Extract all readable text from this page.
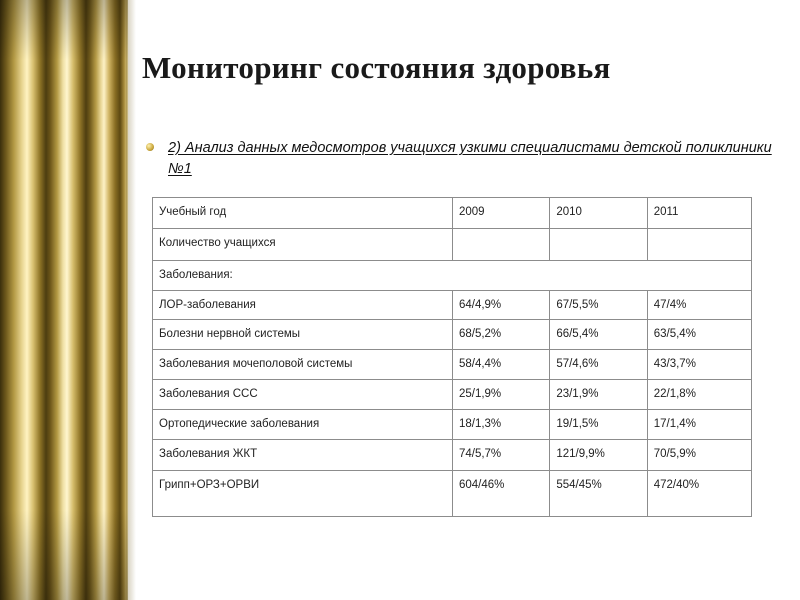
Мониторинг состояния здоровья
2) Анализ данных медосмотров учащихся узкими специалистами детской поликлиники №1
Учебный год	2009	2010	2011
Количество учащихся			
Заболевания:			
ЛОР-заболевания	64/4,9%	67/5,5%	47/4%
Болезни нервной системы	68/5,2%	66/5,4%	63/5,4%
Заболевания мочеполовой системы	58/4,4%	57/4,6%	43/3,7%
Заболевания ССС	25/1,9%	23/1,9%	22/1,8%
Ортопедические заболевания	18/1,3%	19/1,5%	17/1,4%
Заболевания ЖКТ	74/5,7%	121/9,9%	70/5,9%
Грипп+ОРЗ+ОРВИ	604/46%	554/45%	472/40%
